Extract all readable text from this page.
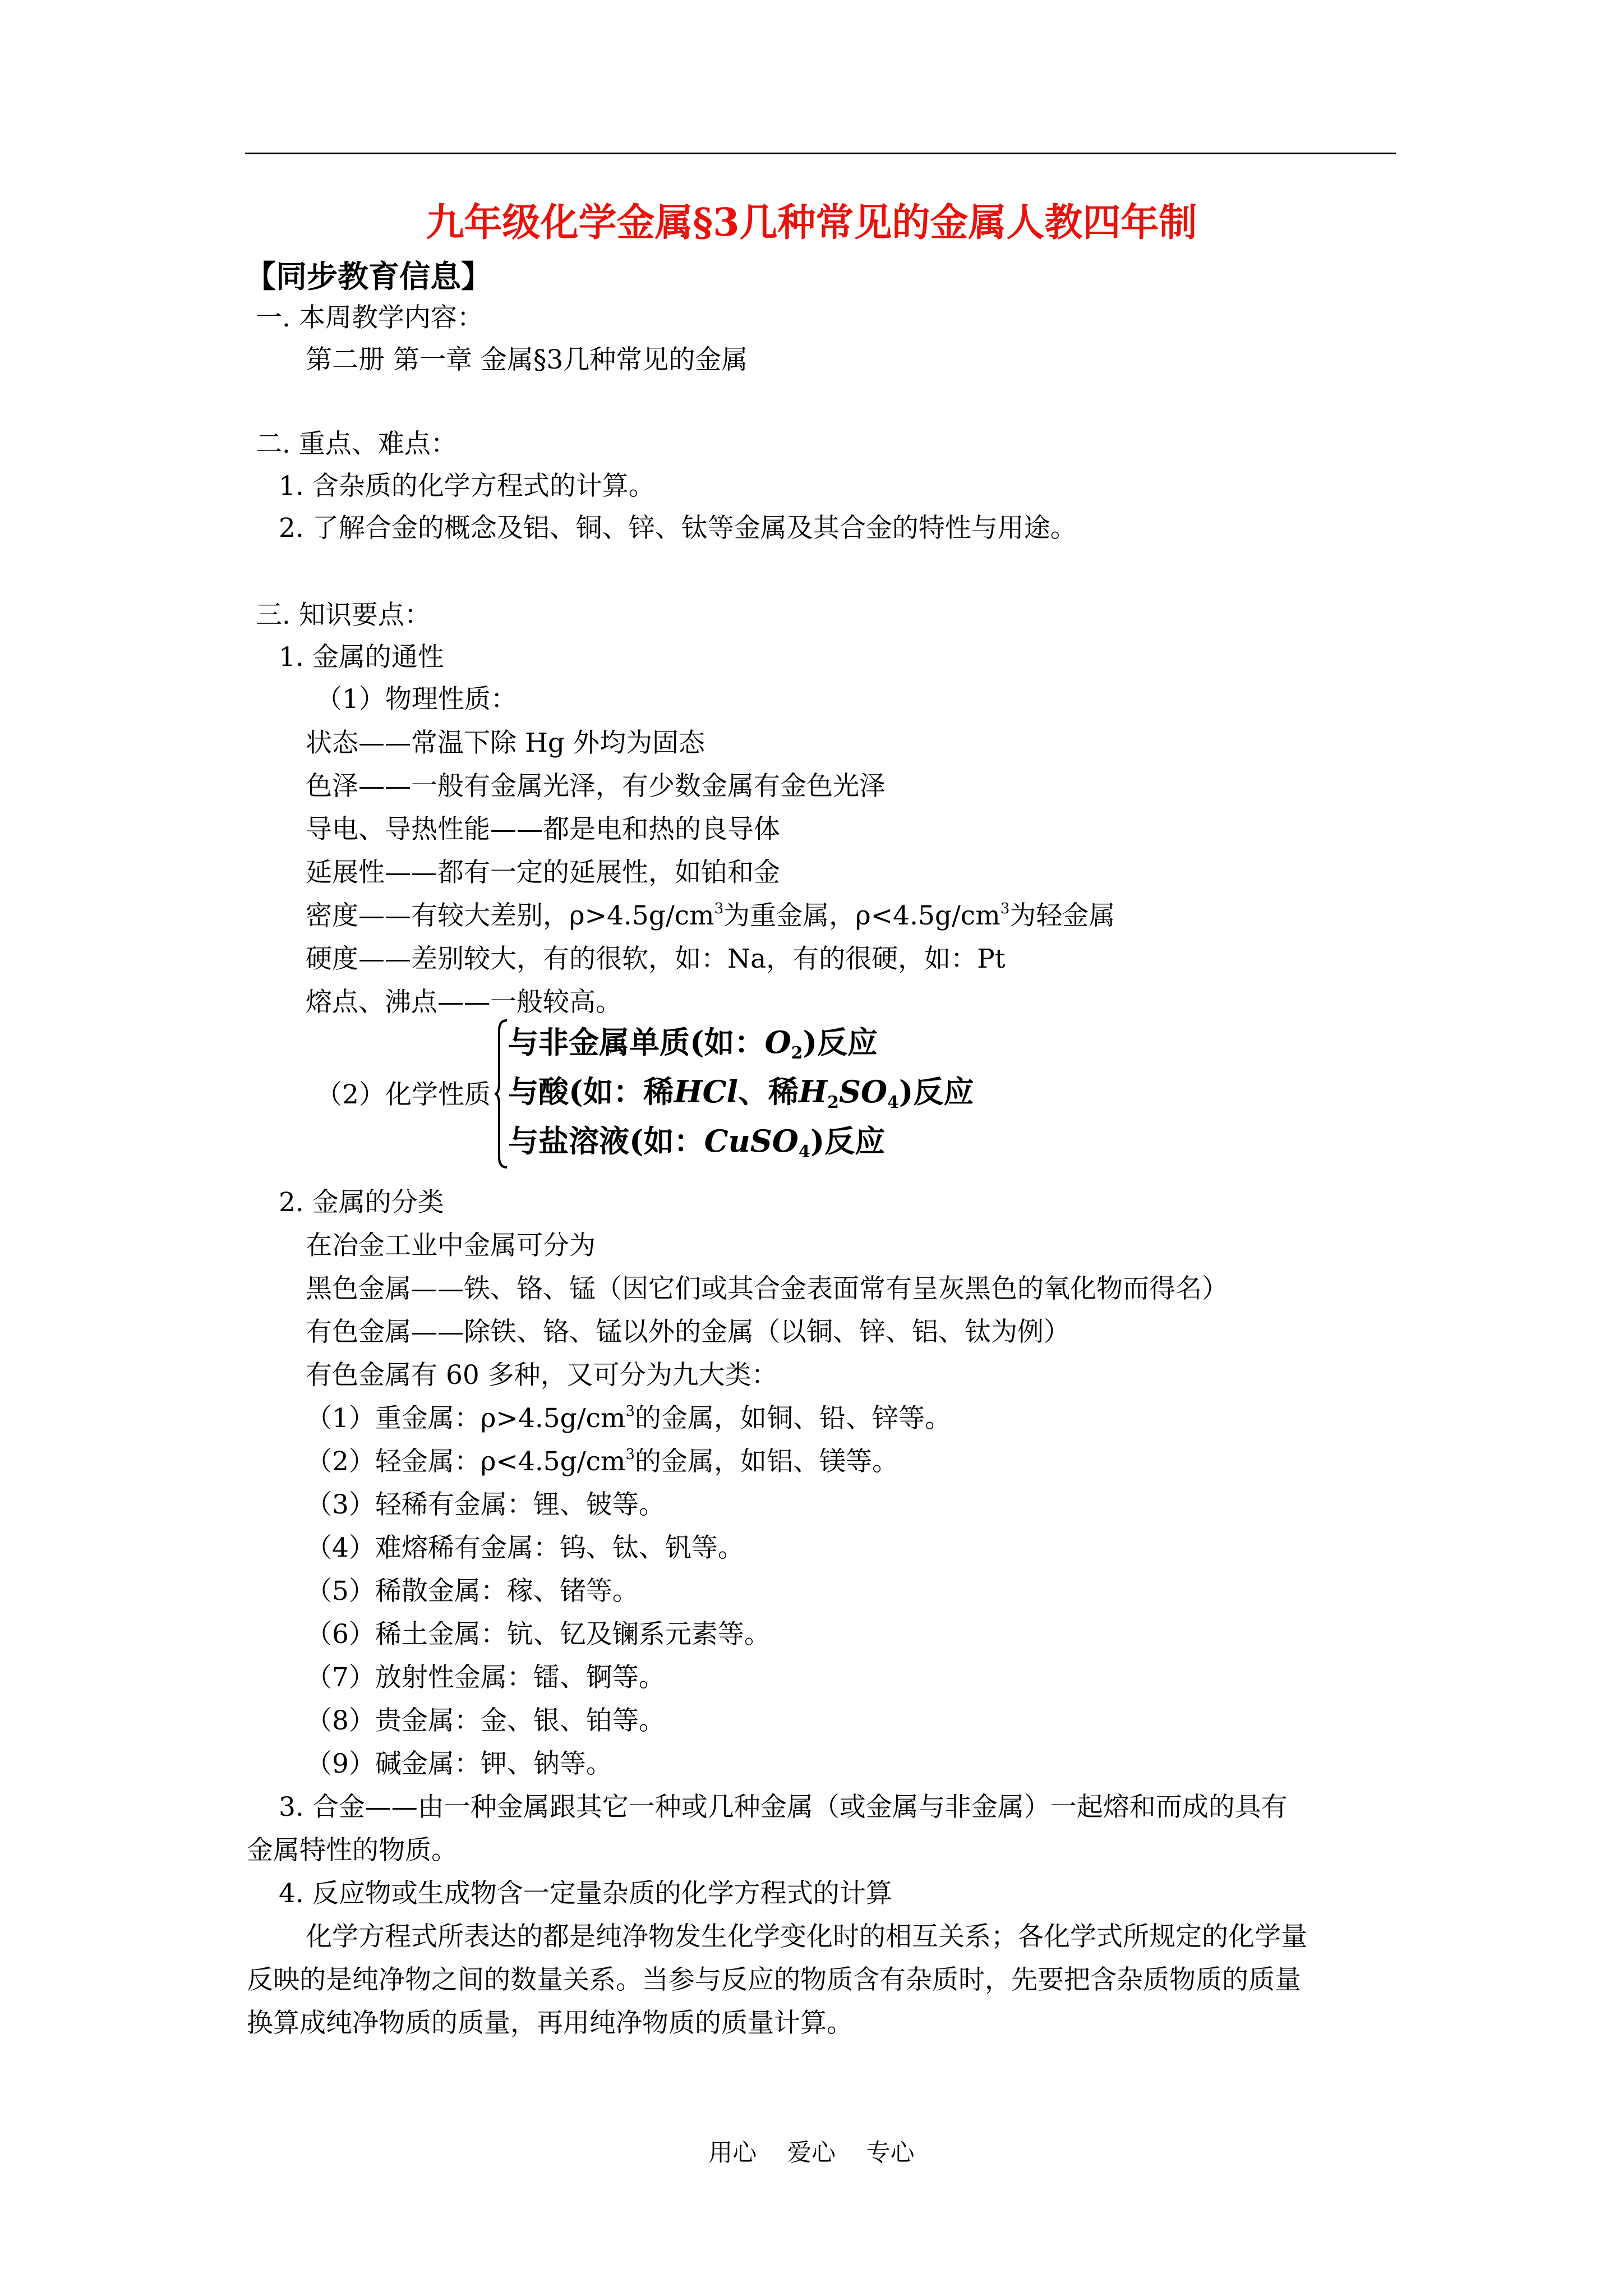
九年级化学金属§3几种常见的金属人教四年制
【同步教育信息】
一. 本周教学内容：
第二册 第一章 金属§3几种常见的金属
二. 重点、难点：
1. 含杂质的化学方程式的计算。
2. 了解合金的概念及铝、铜、锌、钛等金属及其合金的特性与用途。
三. 知识要点：
1. 金属的通性
（1）物理性质：
状态——常温下除 Hg 外均为固态
色泽——一般有金属光泽，有少数金属有金色光泽
导电、导热性能——都是电和热的良导体
延展性——都有一定的延展性，如铂和金
密度——有较大差别，$\rho>4.5g/cm^3$为重金属，$\rho<4.5g/cm^3$为轻金属
硬度——差别较大，有的很软，如：Na，有的很硬，如：Pt
熔点、沸点——一般较高。
（2）化学性质
与非金属单质(如：$O_2$)反应
与酸(如：稀HCl、稀$H_2SO_4$)反应
与盐溶液(如：CuSO$_4$)反应
2. 金属的分类
在冶金工业中金属可分为
黑色金属——铁、铬、锰（因它们或其合金表面常有呈灰黑色的氧化物而得名）
有色金属——除铁、铬、锰以外的金属（以铜、锌、铝、钛为例）
有色金属有 60 多种，又可分为九大类：
（1）重金属：$\rho>4.5g/cm^3$的金属，如铜、铅、锌等。
（2）轻金属：$\rho<4.5g/cm^3$的金属，如铝、镁等。
（3）轻稀有金属：锂、铍等。
（4）难熔稀有金属：钨、钛、钒等。
（5）稀散金属：稼、锗等。
（6）稀土金属：钪、钇及镧系元素等。
（7）放射性金属：镭、锕等。
（8）贵金属：金、银、铂等。
（9）碱金属：钾、钠等。
3. 合金——由一种金属跟其它一种或几种金属（或金属与非金属）一起熔和而成的具有
金属特性的物质。
4. 反应物或生成物含一定量杂质的化学方程式的计算
化学方程式所表达的都是纯净物发生化学变化时的相互关系；各化学式所规定的化学量
反映的是纯净物之间的数量关系。当参与反应的物质含有杂质时，先要把含杂质物质的质量
换算成纯净物质的质量，再用纯净物质的质量计算。
用心    爱心    专心
